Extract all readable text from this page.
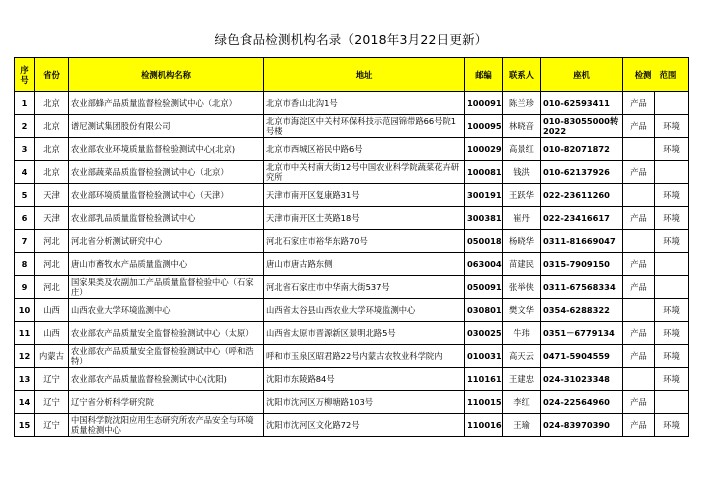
绿色食品检测机构名录（2018年3月22日更新）
序号	省份	检测机构名称	地址	邮编	联系人	座机	检测　范围	
1	北京	农业部蜂产品质量监督检验测试中心（北京）	北京市香山北沟1号	100091	陈兰珍	010-62593411	产品	
2	北京	谱尼测试集团股份有限公司	北京市海淀区中关村环保科技示范园锦带路66号院1号楼	100095	林晓音	010-83055000转2022	产品	环境
3	北京	农业部农业环境质量监督检验测试中心(北京)	北京市西城区裕民中路6号	100029	高景红	010-82071872		环境
4	北京	农业部蔬菜品质监督检验测试中心（北京）	北京市中关村南大街12号中国农业科学院蔬菜花卉研究所	100081	钱洪	010-62137926	产品	
5	天津	农业部环境质量监督检验测试中心（天津）	天津市南开区复康路31号	300191	王跃华	022-23611260		环境
6	天津	农业部乳品质量监督检验测试中心	天津市南开区士英路18号	300381	崔丹	022-23416617	产品	环境
7	河北	河北省分析测试研究中心	河北石家庄市裕华东路70号	050018	杨晓华	0311-81669047		环境
8	河北	唐山市畜牧水产品质量监测中心	唐山市唐古路东侧	063004	苗建民	0315-7909150	产品	
9	河北	国家果类及农副加工产品质量监督检验中心（石家庄）	河北省石家庄市中华南大街537号	050091	张举侠	0311-67568334	产品	
10	山西	山西农业大学环境监测中心	山西省太谷县山西农业大学环境监测中心	030801	樊文华	0354-6288322		环境
11	山西	农业部农产品质量安全监督检验测试中心（太原）	山西省太原市晋源新区景明北路5号	030025	牛玮	0351－6779134	产品	环境
12	内蒙古	农业部农产品质量安全监督检验测试中心（呼和浩特）	呼和市玉泉区昭君路22号内蒙古农牧业科学院内	010031	高天云	0471-5904559	产品	环境
13	辽宁	农业部农产品质量监督检验测试中心(沈阳)	沈阳市东陵路84号	110161	王建忠	024-31023348		环境
14	辽宁	辽宁省分析科学研究院	沈阳市沈河区万柳塘路103号	110015	李红	024-22564960	产品	
15	辽宁	中国科学院沈阳应用生态研究所农产品安全与环境质量检测中心	沈阳市沈河区文化路72号	110016	王瑜	024-83970390	产品	环境
